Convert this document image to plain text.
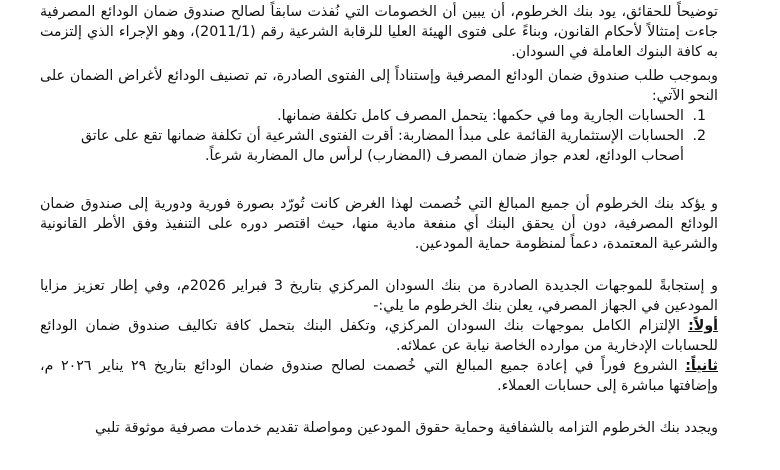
توضيحاً للحقائق، يود بنك الخرطوم، أن يبين أن الخصومات التي نُفذت سابقاً لصالح صندوق ضمان الودائع المصرفية جاءت إمتثالاً لأحكام القانون، وبناءً على فتوى الهيئة العليا للرقابة الشرعية رقم (2011/1)، وهو الإجراء الذي إلتزمت به كافة البنوك العاملة في السودان.

وبموجب طلب صندوق ضمان الودائع المصرفية وإستناداً إلى الفتوى الصادرة، تم تصنيف الودائع لأغراض الضمان على النحو الآتي:

1. الحسابات الجارية وما في حكمها: يتحمل المصرف كامل تكلفة ضمانها.
2. الحسابات الإستثمارية القائمة على مبدأ المضاربة: أقرت الفتوى الشرعية أن تكلفة ضمانها تقع على عاتق أصحاب الودائع، لعدم جواز ضمان المصرف (المضارب) لرأس مال المضاربة شرعاً.

و يؤكد بنك الخرطوم أن جميع المبالغ التي خُصمت لهذا الغرض كانت تُورّد بصورة فورية ودورية إلى صندوق ضمان الودائع المصرفية، دون أن يحقق البنك أي منفعة مادية منها، حيث اقتصر دوره على التنفيذ وفق الأطر القانونية والشرعية المعتمدة، دعماً لمنظومة حماية المودعين.

و إستجابةً للموجهات الجديدة الصادرة من بنك السودان المركزي بتاريخ 3 فبراير 2026م، وفي إطار تعزيز مزايا المودعين في الجهاز المصرفي، يعلن بنك الخرطوم ما يلي:-

أولاً: الإلتزام الكامل بموجهات بنك السودان المركزي، وتكفل البنك بتحمل كافة تكاليف صندوق ضمان الودائع للحسابات الإدخارية من موارده الخاصة نيابة عن عملائه.

ثانياً: الشروع فوراً في إعادة جميع المبالغ التي خُصمت لصالح صندوق ضمان الودائع بتاريخ ٢٩ يناير ٢٠٢٦ م، وإضافتها مباشرة إلى حسابات العملاء.

ويجدد بنك الخرطوم التزامه بالشفافية وحماية حقوق المودعين ومواصلة تقديم خدمات مصرفية موثوقة تلبي
